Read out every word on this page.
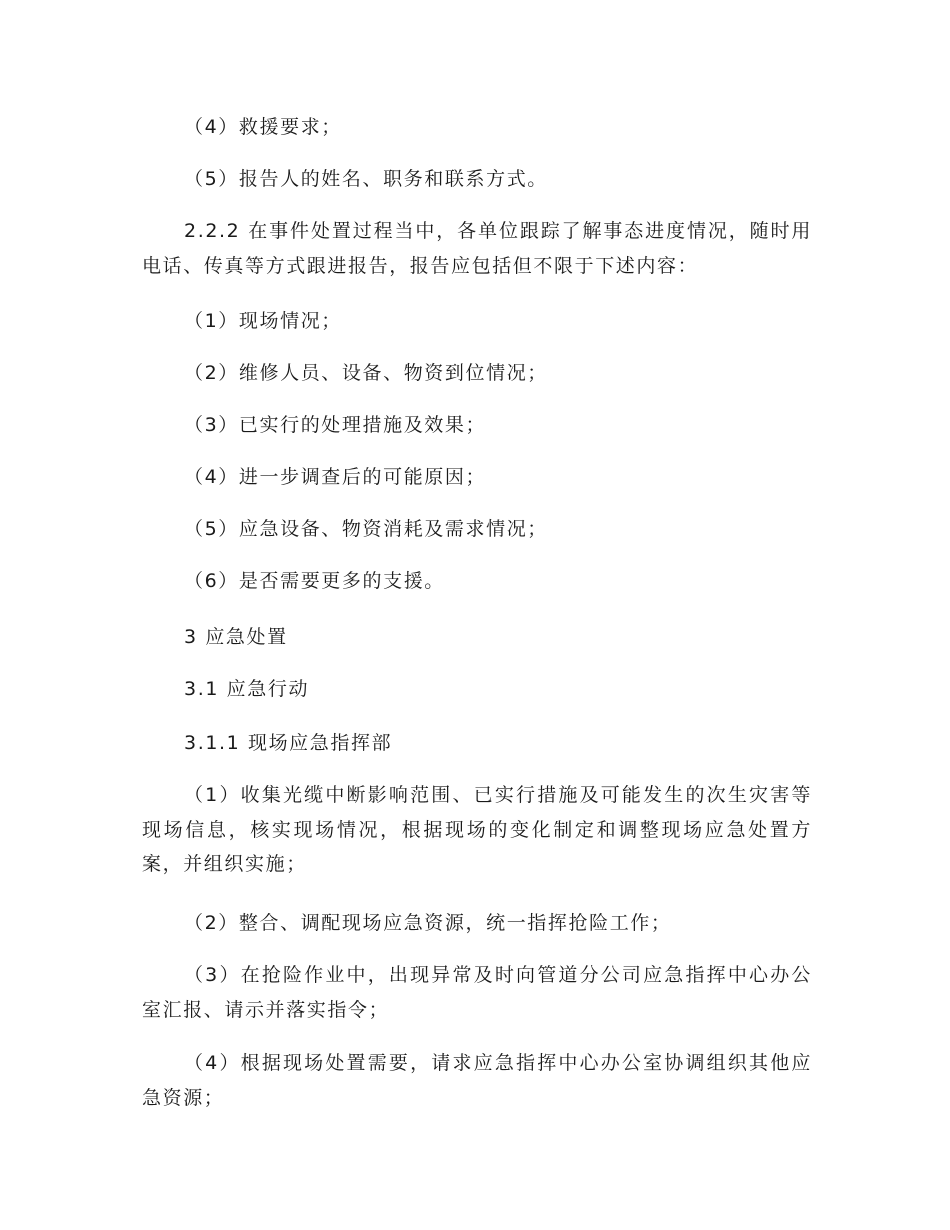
（4）救援要求；

（5）报告人的姓名、职务和联系方式。

2.2.2 在事件处置过程当中，各单位跟踪了解事态进度情况，随时用电话、传真等方式跟进报告，报告应包括但不限于下述内容：

（1）现场情况；

（2）维修人员、设备、物资到位情况；

（3）已实行的处理措施及效果；

（4）进一步调查后的可能原因；

（5）应急设备、物资消耗及需求情况；

（6）是否需要更多的支援。

3 应急处置

3.1 应急行动

3.1.1 现场应急指挥部

（1）收集光缆中断影响范围、已实行措施及可能发生的次生灾害等现场信息，核实现场情况，根据现场的变化制定和调整现场应急处置方案，并组织实施；

（2）整合、调配现场应急资源，统一指挥抢险工作；

（3）在抢险作业中，出现异常及时向管道分公司应急指挥中心办公室汇报、请示并落实指令；

（4）根据现场处置需要，请求应急指挥中心办公室协调组织其他应急资源；
